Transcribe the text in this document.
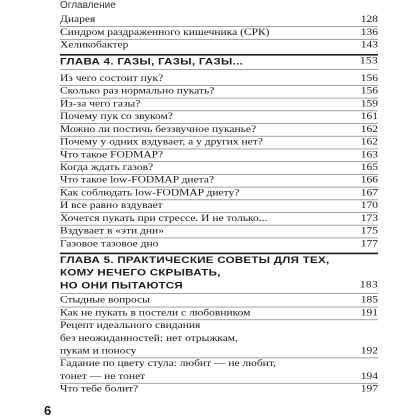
Оглавление
Диарея	128
Синдром раздраженного кишечника (СРК)	136
Хеликобактер	143
ГЛАВА 4. ГАЗЫ, ГАЗЫ, ГАЗЫ...	153
Из чего состоит пук?	156
Сколько раз нормально пукать?	156
Из-за чего газы?	159
Почему пук со звуком?	161
Можно ли постичь беззвучное пуканье?	162
Почему у одних вздувает, а у других нет?	162
Что такое FODMAP?	163
Когда ждать газов?	165
Что такое low-FODMAP диета?	166
Как соблюдать low-FODMAP диету?	167
И все равно вздувает	170
Хочется пукать при стрессе. И не только...	173
Вздувает в «эти дни»	175
Газовое тазовое дно	177
ГЛАВА 5. ПРАКТИЧЕСКИЕ СОВЕТЫ ДЛЯ ТЕХ,
КОМУ НЕЧЕГО СКРЫВАТЬ,
НО ОНИ ПЫТАЮТСЯ	183
Стыдные вопросы	185
Как не пукать в постели с любовником	191
Рецепт идеального свидания
без неожиданностей: нет отрыжкам,
пукам и поносу	192
Гадание по цвету стула: любит — не любит,
тонет — не тонет	194
Что тебе болит?	197
6
